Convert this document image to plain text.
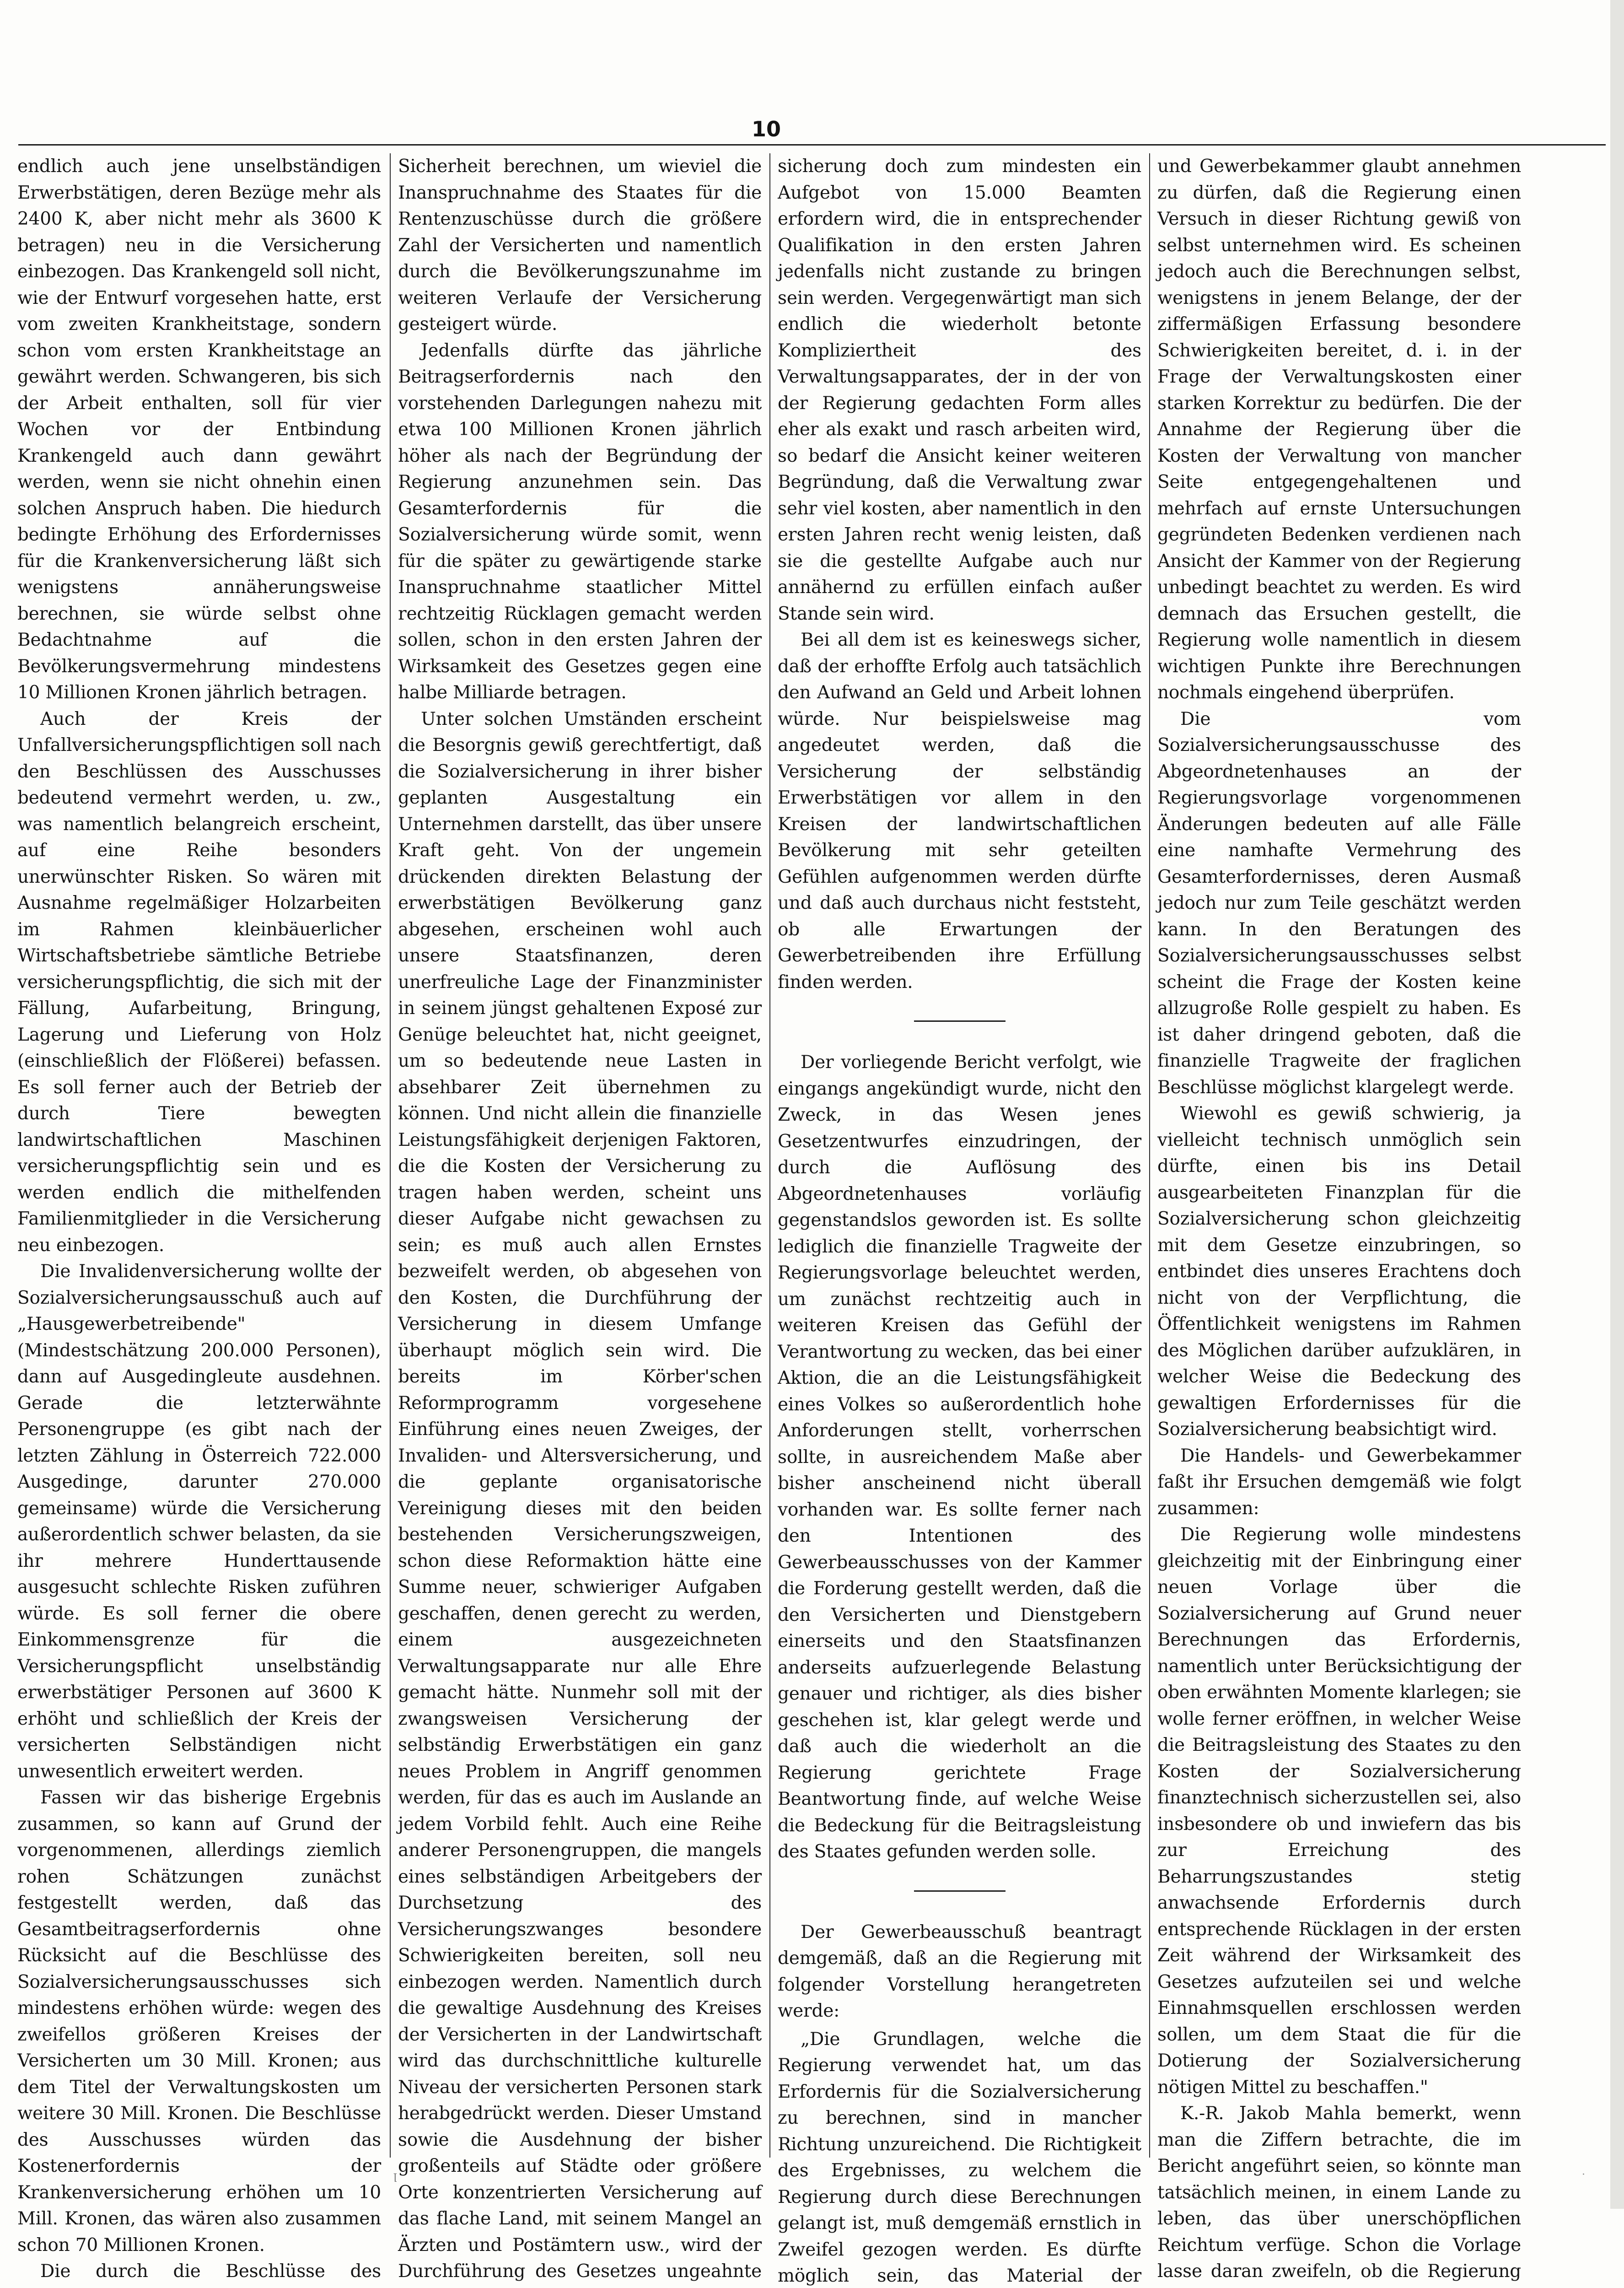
10

endlich auch jene unselbständigen Erwerbstätigen, deren Bezüge mehr als 2400 K, aber nicht mehr als 3600 K betragen) neu in die Versicherung einbezogen. Das Krankengeld soll nicht, wie der Entwurf vorgesehen hatte, erst vom zweiten Krankheitstage, sondern schon vom ersten Krankheitstage an gewährt werden. Schwangeren, bis sich der Arbeit enthalten, soll für vier Wochen vor der Entbindung Krankengeld auch dann gewährt werden, wenn sie nicht ohnehin einen solchen Anspruch haben. Die hiedurch bedingte Erhöhung des Erfordernisses für die Krankenversicherung läßt sich wenigstens annäherungsweise berechnen, sie würde selbst ohne Bedachtnahme auf die Bevölkerungsvermehrung mindestens 10 Millionen Kronen jährlich betragen.

Auch der Kreis der Unfallversicherungspflichtigen soll nach den Beschlüssen des Ausschusses bedeutend vermehrt werden, u. zw., was namentlich belangreich erscheint, auf eine Reihe besonders unerwünschter Risken. So wären mit Ausnahme regelmäßiger Holzarbeiten im Rahmen kleinbäuerlicher Wirtschaftsbetriebe sämtliche Betriebe versicherungspflichtig, die sich mit der Fällung, Aufarbeitung, Bringung, Lagerung und Lieferung von Holz (einschließlich der Flößerei) befassen. Es soll ferner auch der Betrieb der durch Tiere bewegten landwirtschaftlichen Maschinen versicherungspflichtig sein und es werden endlich die mithelfenden Familienmitglieder in die Versicherung neu einbezogen.

Die Invalidenversicherung wollte der Sozialversicherungsausschuß auch auf „Hausgewerbetreibende" (Mindestschätzung 200.000 Personen), dann auf Ausgedingleute ausdehnen. Gerade die letzterwähnte Personengruppe (es gibt nach der letzten Zählung in Österreich 722.000 Ausgedinge, darunter 270.000 gemeinsame) würde die Versicherung außerordentlich schwer belasten, da sie ihr mehrere Hunderttausende ausgesucht schlechte Risken zuführen würde. Es soll ferner die obere Einkommensgrenze für die Versicherungspflicht unselbständig erwerbstätiger Personen auf 3600 K erhöht und schließlich der Kreis der versicherten Selbständigen nicht unwesentlich erweitert werden.

Fassen wir das bisherige Ergebnis zusammen, so kann auf Grund der vorgenommenen, allerdings ziemlich rohen Schätzungen zunächst festgestellt werden, daß das Gesamtbeitragserfordernis ohne Rücksicht auf die Beschlüsse des Sozialversicherungsausschusses sich mindestens erhöhen würde: wegen des zweifellos größeren Kreises der Versicherten um 30 Mill. Kronen; aus dem Titel der Verwaltungskosten um weitere 30 Mill. Kronen. Die Beschlüsse des Ausschusses würden das Kostenerfordernis der Krankenversicherung erhöhen um 10 Mill. Kronen, das wären also zusammen schon 70 Millionen Kronen.

Die durch die Beschlüsse des

Sicherheit berechnen, um wieviel die Inanspruchnahme des Staates für die Rentenzuschüsse durch die größere Zahl der Versicherten und namentlich durch die Bevölkerungszunahme im weiteren Verlaufe der Versicherung gesteigert würde.

Jedenfalls dürfte das jährliche Beitragserfordernis nach den vorstehenden Darlegungen nahezu mit etwa 100 Millionen Kronen jährlich höher als nach der Begründung der Regierung anzunehmen sein. Das Gesamterfordernis für die Sozialversicherung würde somit, wenn für die später zu gewärtigende starke Inanspruchnahme staatlicher Mittel rechtzeitig Rücklagen gemacht werden sollen, schon in den ersten Jahren der Wirksamkeit des Gesetzes gegen eine halbe Milliarde betragen.

Unter solchen Umständen erscheint die Besorgnis gewiß gerechtfertigt, daß die Sozialversicherung in ihrer bisher geplanten Ausgestaltung ein Unternehmen darstellt, das über unsere Kraft geht. Von der ungemein drückenden direkten Belastung der erwerbstätigen Bevölkerung ganz abgesehen, erscheinen wohl auch unsere Staatsfinanzen, deren unerfreuliche Lage der Finanzminister in seinem jüngst gehaltenen Exposé zur Genüge beleuchtet hat, nicht geeignet, um so bedeutende neue Lasten in absehbarer Zeit übernehmen zu können. Und nicht allein die finanzielle Leistungsfähigkeit derjenigen Faktoren, die die Kosten der Versicherung zu tragen haben werden, scheint uns dieser Aufgabe nicht gewachsen zu sein; es muß auch allen Ernstes bezweifelt werden, ob abgesehen von den Kosten, die Durchführung der Versicherung in diesem Umfange überhaupt möglich sein wird. Die bereits im Körber'schen Reformprogramm vorgesehene Einführung eines neuen Zweiges, der Invaliden- und Altersversicherung, und die geplante organisatorische Vereinigung dieses mit den beiden bestehenden Versicherungszweigen, schon diese Reformaktion hätte eine Summe neuer, schwieriger Aufgaben geschaffen, denen gerecht zu werden, einem ausgezeichneten Verwaltungsapparate nur alle Ehre gemacht hätte. Nunmehr soll mit der zwangsweisen Versicherung der selbständig Erwerbstätigen ein ganz neues Problem in Angriff genommen werden, für das es auch im Auslande an jedem Vorbild fehlt. Auch eine Reihe anderer Personengruppen, die mangels eines selbständigen Arbeitgebers der Durchsetzung des Versicherungszwanges besondere Schwierigkeiten bereiten, soll neu einbezogen werden. Namentlich durch die gewaltige Ausdehnung des Kreises der Versicherten in der Landwirtschaft wird das durchschnittliche kulturelle Niveau der versicherten Personen stark herabgedrückt werden. Dieser Umstand sowie die Ausdehnung der bisher großenteils auf Städte oder größere Orte konzentrierten Versicherung auf das flache Land, mit seinem Mangel an Ärzten und Postämtern usw., wird der Durchführung des Gesetzes ungeahnte

sicherung doch zum mindesten ein Aufgebot von 15.000 Beamten erfordern wird, die in entsprechender Qualifikation in den ersten Jahren jedenfalls nicht zustande zu bringen sein werden. Vergegenwärtigt man sich endlich die wiederholt betonte Kompliziertheit des Verwaltungsapparates, der in der von der Regierung gedachten Form alles eher als exakt und rasch arbeiten wird, so bedarf die Ansicht keiner weiteren Begründung, daß die Verwaltung zwar sehr viel kosten, aber namentlich in den ersten Jahren recht wenig leisten, daß sie die gestellte Aufgabe auch nur annähernd zu erfüllen einfach außer Stande sein wird.

Bei all dem ist es keineswegs sicher, daß der erhoffte Erfolg auch tatsächlich den Aufwand an Geld und Arbeit lohnen würde. Nur beispielsweise mag angedeutet werden, daß die Versicherung der selbständig Erwerbstätigen vor allem in den Kreisen der landwirtschaftlichen Bevölkerung mit sehr geteilten Gefühlen aufgenommen werden dürfte und daß auch durchaus nicht feststeht, ob alle Erwartungen der Gewerbetreibenden ihre Erfüllung finden werden.

Der vorliegende Bericht verfolgt, wie eingangs angekündigt wurde, nicht den Zweck, in das Wesen jenes Gesetzentwurfes einzudringen, der durch die Auflösung des Abgeordnetenhauses vorläufig gegenstandslos geworden ist. Es sollte lediglich die finanzielle Tragweite der Regierungsvorlage beleuchtet werden, um zunächst rechtzeitig auch in weiteren Kreisen das Gefühl der Verantwortung zu wecken, das bei einer Aktion, die an die Leistungsfähigkeit eines Volkes so außerordentlich hohe Anforderungen stellt, vorherrschen sollte, in ausreichendem Maße aber bisher anscheinend nicht überall vorhanden war. Es sollte ferner nach den Intentionen des Gewerbeausschusses von der Kammer die Forderung gestellt werden, daß die den Versicherten und Dienstgebern einerseits und den Staatsfinanzen anderseits aufzuerlegende Belastung genauer und richtiger, als dies bisher geschehen ist, klar gelegt werde und daß auch die wiederholt an die Regierung gerichtete Frage Beantwortung finde, auf welche Weise die Bedeckung für die Beitragsleistung des Staates gefunden werden solle.

Der Gewerbeausschuß beantragt demgemäß, daß an die Regierung mit folgender Vorstellung herangetreten werde:

„Die Grundlagen, welche die Regierung verwendet hat, um das Erfordernis für die Sozialversicherung zu berechnen, sind in mancher Richtung unzureichend. Die Richtigkeit des Ergebnisses, zu welchem die Regierung durch diese Berechnungen gelangt ist, muß demgemäß ernstlich in Zweifel gezogen werden. Es dürfte möglich sein, das Material der

und Gewerbekammer glaubt annehmen zu dürfen, daß die Regierung einen Versuch in dieser Richtung gewiß von selbst unternehmen wird. Es scheinen jedoch auch die Berechnungen selbst, wenigstens in jenem Belange, der der ziffermäßigen Erfassung besondere Schwierigkeiten bereitet, d. i. in der Frage der Verwaltungskosten einer starken Korrektur zu bedürfen. Die der Annahme der Regierung über die Kosten der Verwaltung von mancher Seite entgegengehaltenen und mehrfach auf ernste Untersuchungen gegründeten Bedenken verdienen nach Ansicht der Kammer von der Regierung unbedingt beachtet zu werden. Es wird demnach das Ersuchen gestellt, die Regierung wolle namentlich in diesem wichtigen Punkte ihre Berechnungen nochmals eingehend überprüfen.

Die vom Sozialversicherungsausschusse des Abgeordnetenhauses an der Regierungsvorlage vorgenommenen Änderungen bedeuten auf alle Fälle eine namhafte Vermehrung des Gesamterfordernisses, deren Ausmaß jedoch nur zum Teile geschätzt werden kann. In den Beratungen des Sozialversicherungsausschusses selbst scheint die Frage der Kosten keine allzugroße Rolle gespielt zu haben. Es ist daher dringend geboten, daß die finanzielle Tragweite der fraglichen Beschlüsse möglichst klargelegt werde.

Wiewohl es gewiß schwierig, ja vielleicht technisch unmöglich sein dürfte, einen bis ins Detail ausgearbeiteten Finanzplan für die Sozialversicherung schon gleichzeitig mit dem Gesetze einzubringen, so entbindet dies unseres Erachtens doch nicht von der Verpflichtung, die Öffentlichkeit wenigstens im Rahmen des Möglichen darüber aufzuklären, in welcher Weise die Bedeckung des gewaltigen Erfordernisses für die Sozialversicherung beabsichtigt wird.

Die Handels- und Gewerbekammer faßt ihr Ersuchen demgemäß wie folgt zusammen:

Die Regierung wolle mindestens gleichzeitig mit der Einbringung einer neuen Vorlage über die Sozialversicherung auf Grund neuer Berechnungen das Erfordernis, namentlich unter Berücksichtigung der oben erwähnten Momente klarlegen; sie wolle ferner eröffnen, in welcher Weise die Beitragsleistung des Staates zu den Kosten der Sozialversicherung finanztechnisch sicherzustellen sei, also insbesondere ob und inwiefern das bis zur Erreichung des Beharrungszustandes stetig anwachsende Erfordernis durch entsprechende Rücklagen in der ersten Zeit während der Wirksamkeit des Gesetzes aufzuteilen sei und welche Einnahmsquellen erschlossen werden sollen, um dem Staat die für die Dotierung der Sozialversicherung nötigen Mittel zu beschaffen."

K.-R. Jakob Mahla bemerkt, wenn man die Ziffern betrachte, die im Bericht angeführt seien, so könnte man tatsächlich meinen, in einem Lande zu leben, das über unerschöpflichen Reichtum verfüge. Schon die Vorlage lasse daran zweifeln, ob die Regierung

ꞁ	·
